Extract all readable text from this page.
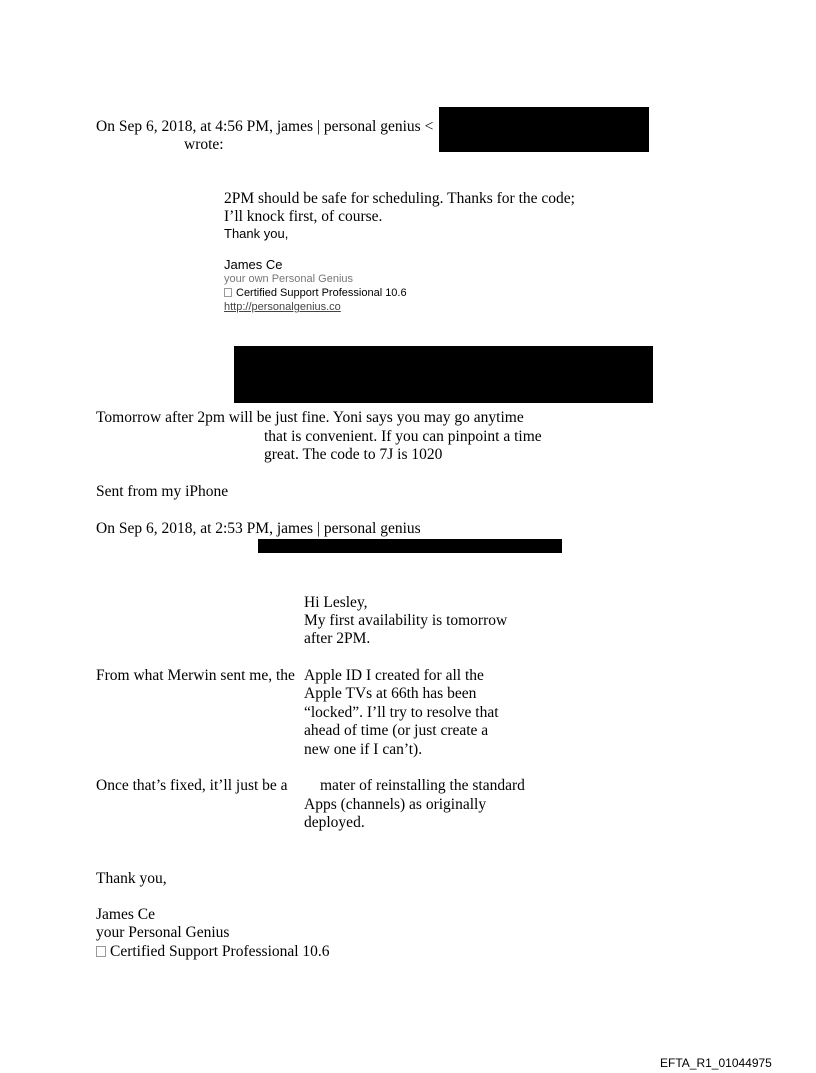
On Sep 6, 2018, at 4:56 PM, james | personal genius <
wrote:
2PM should be safe for scheduling. Thanks for the code;
I’ll knock first, of course.
Thank you,
James Ce
your own Personal Genius
Certified Support Professional 10.6
http://personalgenius.co
Tomorrow after 2pm will be just fine. Yoni says you may go anytime
that is convenient. If you can pinpoint a time
great. The code to 7J is 1020
Sent from my iPhone
On Sep 6, 2018, at 2:53 PM, james | personal genius
Hi Lesley,
My first availability is tomorrow
after 2PM.
From what Merwin sent me, the Apple ID I created for all the
Apple TVs at 66th has been
“locked”. I’ll try to resolve that
ahead of time (or just create a
new one if I can’t).
Once that’s fixed, it’ll just be a mater of reinstalling the standard
Apps (channels) as originally
deployed.
Thank you,
James Ce
your Personal Genius
Certified Support Professional 10.6
EFTA_R1_01044975
